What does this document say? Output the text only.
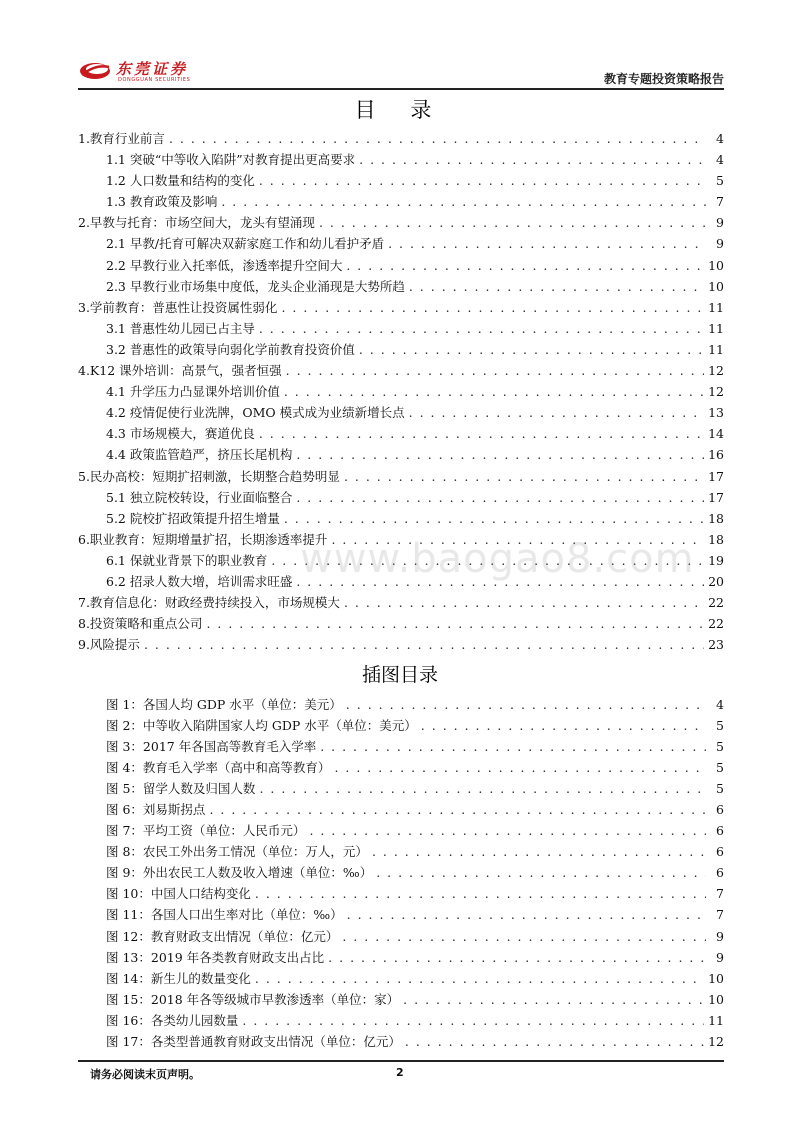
东莞证券
DONGGUAN SECURITIES	教育专题投资策略报告
目 录
1.教育行业前言 . . .	4
1.1 突破“中等收入陷阱”对教育提出更高要求 . . .	4
1.2 人口数量和结构的变化 . . .	5
1.3 教育政策及影响 . . .	7
2.早教与托育：市场空间大，龙头有望涌现 . . .	9
2.1 早教/托育可解决双薪家庭工作和幼儿看护矛盾 . . .	9
2.2 早教行业入托率低，渗透率提升空间大 . . .	10
2.3 早教行业市场集中度低，龙头企业涌现是大势所趋 . . .	10
3.学前教育：普惠性让投资属性弱化 . . .	11
3.1 普惠性幼儿园已占主导 . . .	11
3.2 普惠性的政策导向弱化学前教育投资价值 . . .	11
4.K12 课外培训：高景气，强者恒强 . . .	12
4.1 升学压力凸显课外培训价值 . . .	12
4.2 疫情促使行业洗牌，OMO 模式成为业绩新增长点 . . .	13
4.3 市场规模大，赛道优良 . . .	14
4.4 政策监管趋严，挤压长尾机构 . . .	16
5.民办高校：短期扩招刺激，长期整合趋势明显 . . .	17
5.1 独立院校转设，行业面临整合 . . .	17
5.2 院校扩招政策提升招生增量 . . .	18
6.职业教育：短期增量扩招，长期渗透率提升 . . .	18
6.1 保就业背景下的职业教育 . . .	19
6.2 招录人数大增，培训需求旺盛 . . .	20
7.教育信息化：财政经费持续投入，市场规模大 . . .	22
8.投资策略和重点公司 . . .	22
9.风险提示 . . .	23
www.baogao8.com
插图目录
图 1：各国人均 GDP 水平（单位：美元） . . .	4
图 2：中等收入陷阱国家人均 GDP 水平（单位：美元） . . .	5
图 3：2017 年各国高等教育毛入学率 . . .	5
图 4：教育毛入学率（高中和高等教育） . . .	5
图 5：留学人数及归国人数 . . .	5
图 6：刘易斯拐点 . . .	6
图 7：平均工资（单位：人民币元） . . .	6
图 8：农民工外出务工情况（单位：万人，元） . . .	6
图 9：外出农民工人数及收入增速（单位：‰） . . .	6
图 10：中国人口结构变化 . . .	7
图 11：各国人口出生率对比（单位：‰） . . .	7
图 12：教育财政支出情况（单位：亿元） . . .	9
图 13：2019 年各类教育财政支出占比 . . .	9
图 14：新生儿的数量变化 . . .	10
图 15：2018 年各等级城市早教渗透率（单位：家） . . .	10
图 16：各类幼儿园数量 . . .	11
图 17：各类型普通教育财政支出情况（单位：亿元） . . .	12
请务必阅读末页声明。	2
